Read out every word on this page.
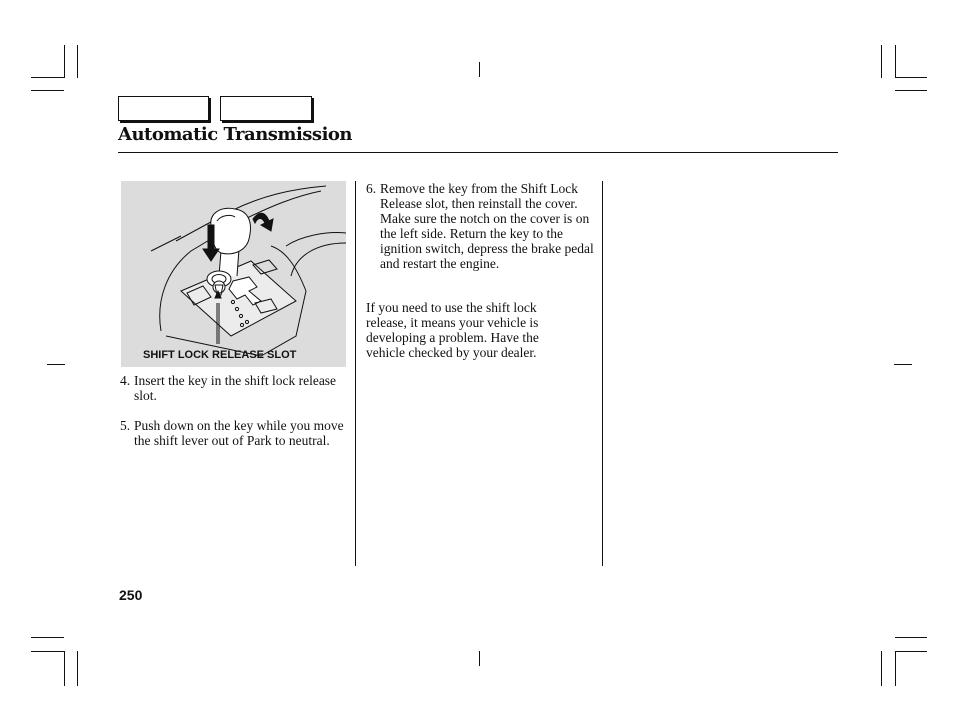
Automatic Transmission
SHIFT LOCK RELEASE SLOT
4. Insert the key in the shift lock release slot.
5. Push down on the key while you move the shift lever out of Park to neutral.
6. Remove the key from the Shift Lock Release slot, then reinstall the cover. Make sure the notch on the cover is on the left side. Return the key to the ignition switch, depress the brake pedal and restart the engine.
If you need to use the shift lock release, it means your vehicle is developing a problem. Have the vehicle checked by your dealer.
250
